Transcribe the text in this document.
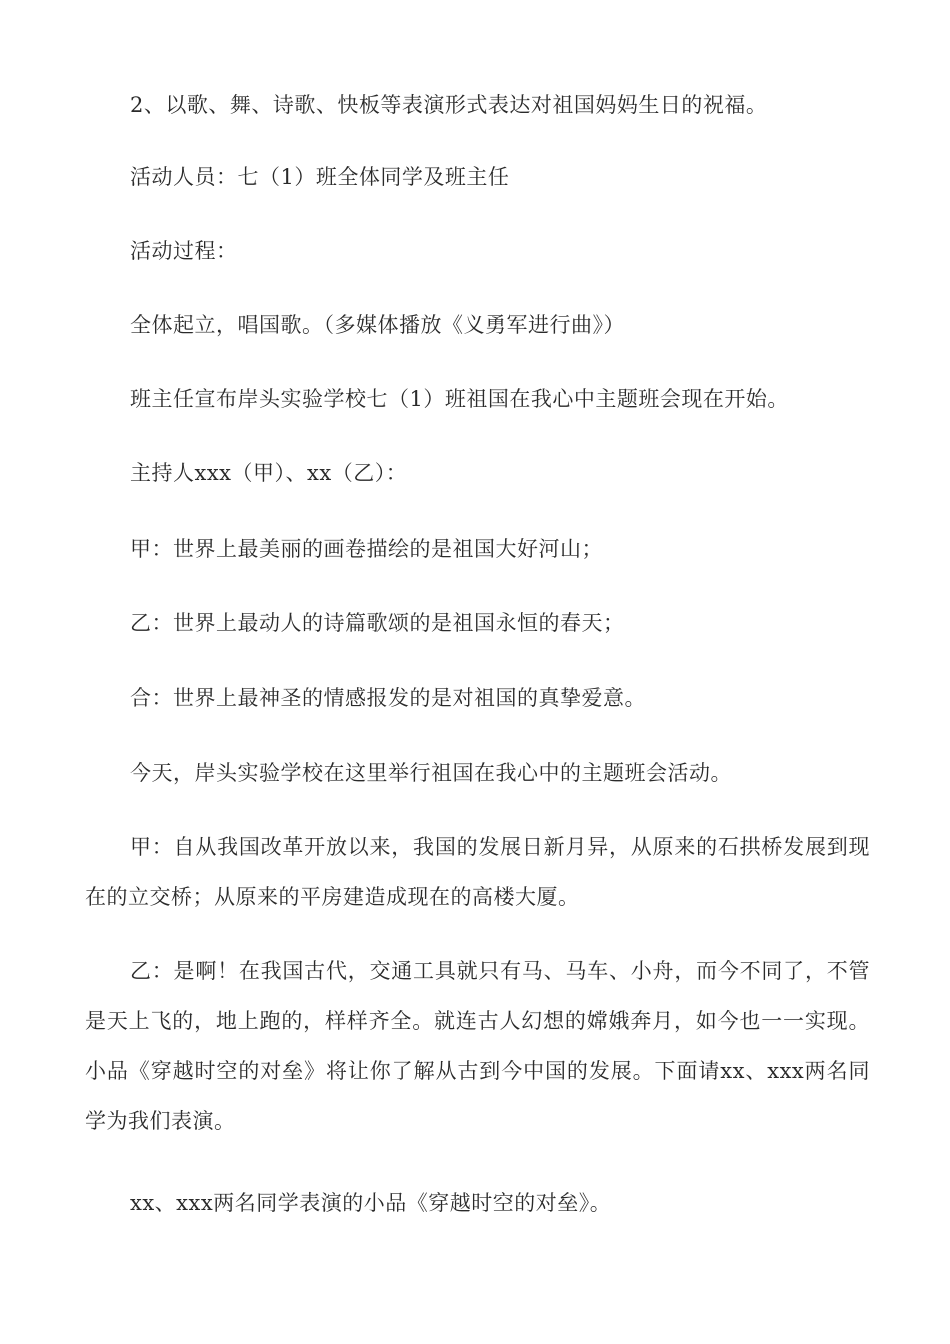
2、以歌、舞、诗歌、快板等表演形式表达对祖国妈妈生日的祝福。
活动人员：七（1）班全体同学及班主任
活动过程：
全体起立，唱国歌。（多媒体播放《义勇军进行曲》）
班主任宣布岸头实验学校七（1）班祖国在我心中主题班会现在开始。
主持人xxx（甲）、xx（乙）：
甲：世界上最美丽的画卷描绘的是祖国大好河山；
乙：世界上最动人的诗篇歌颂的是祖国永恒的春天；
合：世界上最神圣的情感报发的是对祖国的真挚爱意。
今天，岸头实验学校在这里举行祖国在我心中的主题班会活动。
甲：自从我国改革开放以来，我国的发展日新月异，从原来的石拱桥发展到现在的立交桥；从原来的平房建造成现在的高楼大厦。
乙：是啊！在我国古代，交通工具就只有马、马车、小舟，而今不同了，不管是天上飞的，地上跑的，样样齐全。就连古人幻想的嫦娥奔月，如今也一一实现。小品《穿越时空的对垒》将让你了解从古到今中国的发展。下面请xx、xxx两名同学为我们表演。
xx、xxx两名同学表演的小品《穿越时空的对垒》。
